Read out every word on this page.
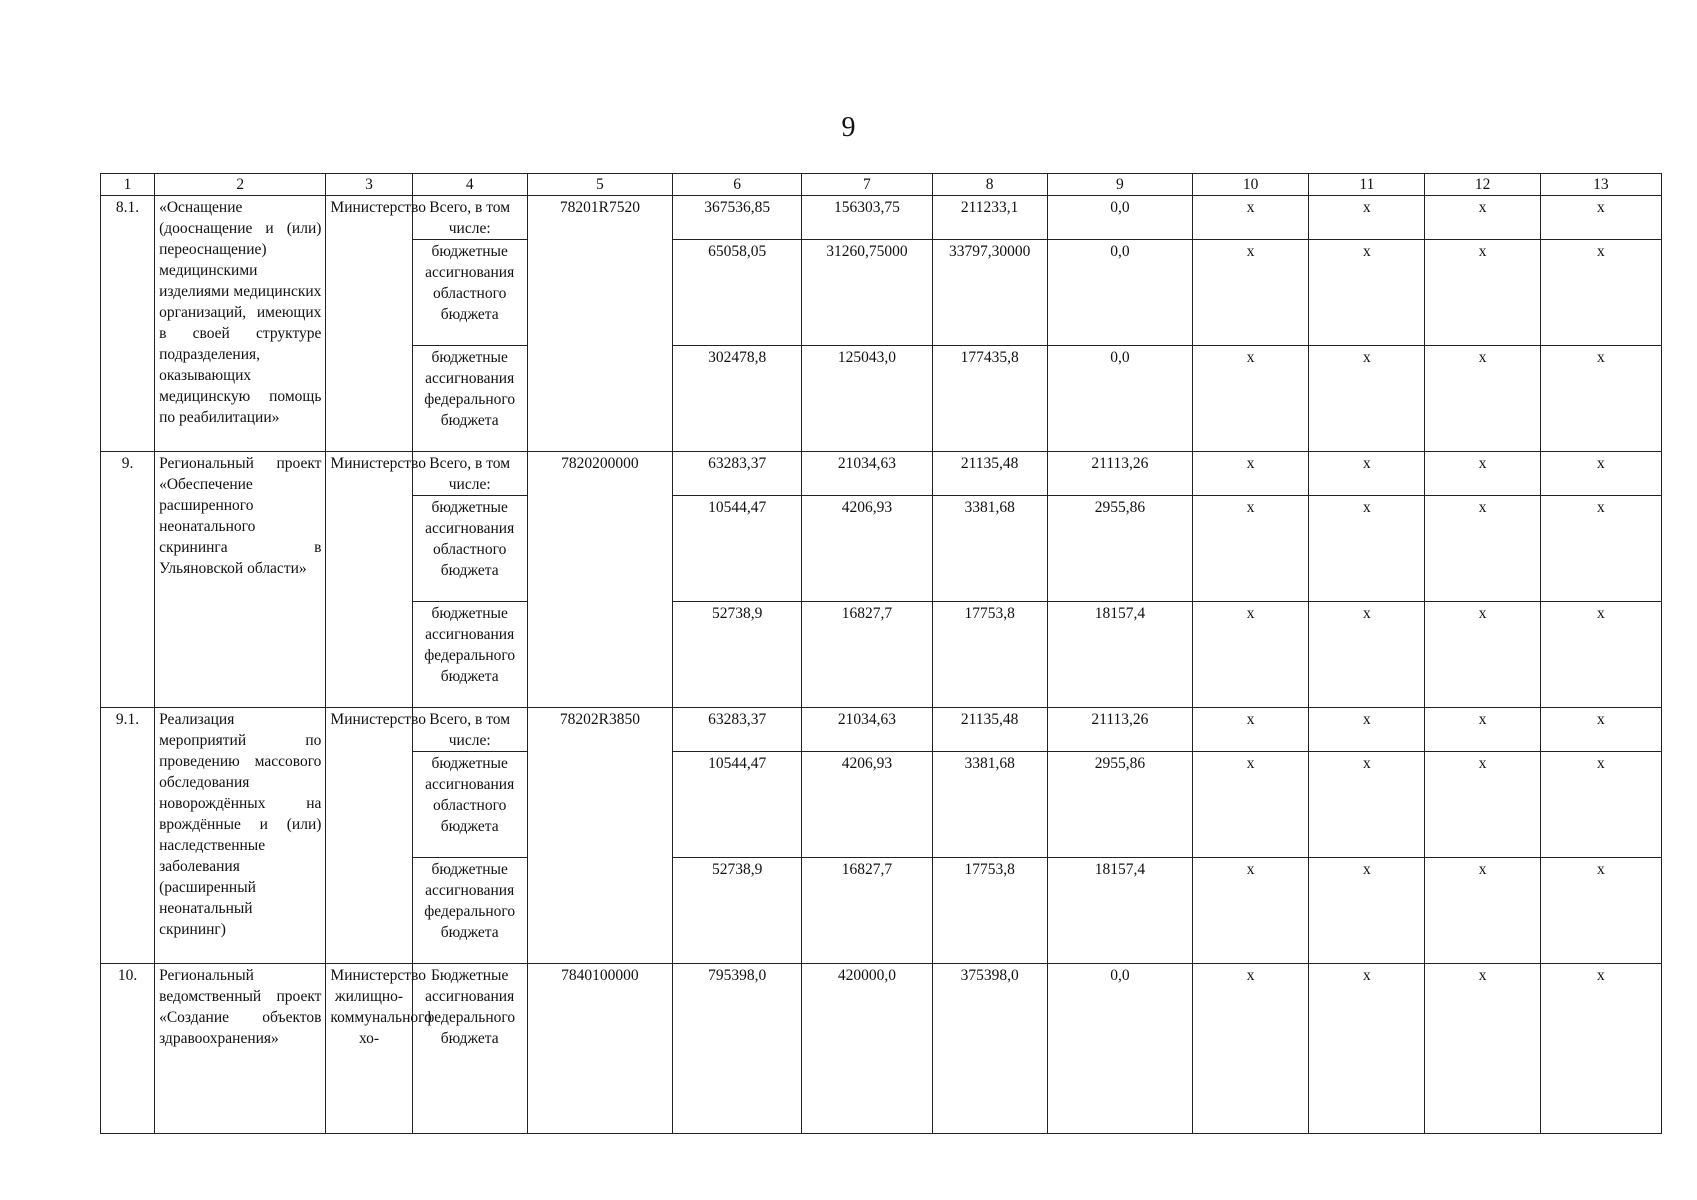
9
1	2	3	4	5	6	7	8	9	10	11	12	13
8.1.	«Оснащение (дооснащение и (или) переоснащение) медицинскими изделиями медицинских организаций, имеющих в своей структуре подразделения, оказывающих медицинскую помощь по реабилитации»	Министерство	Всего, в том числе:	78201R7520	367536,85	156303,75	211233,1	0,0	x	x	x	x
			бюджетные ассигнования областного бюджета		65058,05	31260,75000	33797,30000	0,0	x	x	x	x
			бюджетные ассигнования федерального бюджета		302478,8	125043,0	177435,8	0,0	x	x	x	x
9.	Региональный проект «Обеспечение расширенного неонатального скрининга в Ульяновской области»	Министерство	Всего, в том числе:	7820200000	63283,37	21034,63	21135,48	21113,26	x	x	x	x
			бюджетные ассигнования областного бюджета		10544,47	4206,93	3381,68	2955,86	x	x	x	x
			бюджетные ассигнования федерального бюджета		52738,9	16827,7	17753,8	18157,4	x	x	x	x
9.1.	Реализация мероприятий по проведению массового обследования новорождённых на врождённые и (или) наследственные заболевания (расширенный неонатальный скрининг)	Министерство	Всего, в том числе:	78202R3850	63283,37	21034,63	21135,48	21113,26	x	x	x	x
			бюджетные ассигнования областного бюджета		10544,47	4206,93	3381,68	2955,86	x	x	x	x
			бюджетные ассигнования федерального бюджета		52738,9	16827,7	17753,8	18157,4	x	x	x	x
10.	Региональный ведомственный проект «Создание объектов здравоохранения»	Министерство жилищно-коммунального хо-	Бюджетные ассигнования федерального бюджета	7840100000	795398,0	420000,0	375398,0	0,0	x	x	x	x
